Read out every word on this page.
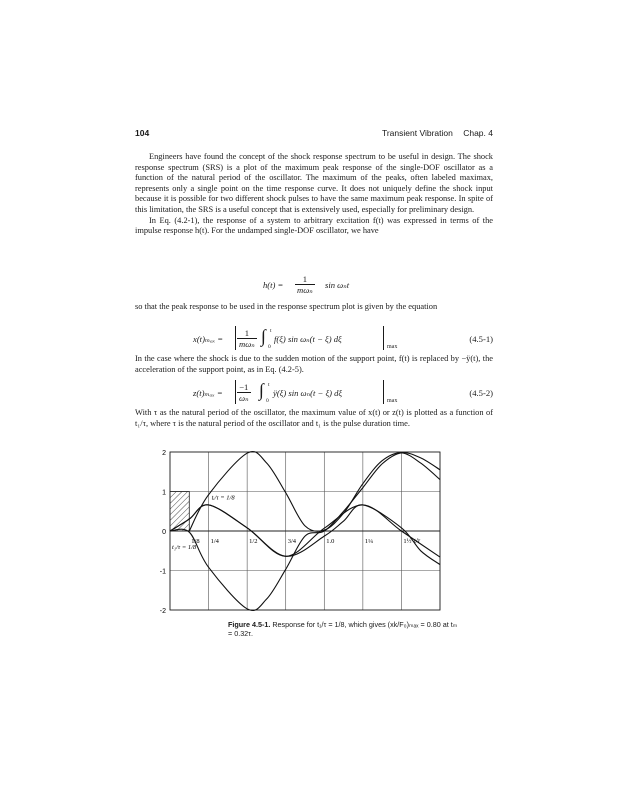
104	Transient Vibration Chap. 4

Engineers have found the concept of the shock response spectrum to be useful in design. The shock response spectrum (SRS) is a plot of the maximum peak response of the single-DOF oscillator as a function of the natural period of the oscillator. The maximum of the peaks, often labeled maximax, represents only a single point on the time response curve. It does not uniquely define the shock input because it is possible for two different shock pulses to have the same maximum peak response. In spite of this limitation, the SRS is a useful concept that is extensively used, especially for preliminary design.

In Eq. (4.2-1), the response of a system to arbitrary excitation f(t) was expressed in terms of the impulse response h(t). For the undamped single-DOF oscillator, we have

h(t) =
1
mωₙ sin ωₙt

so that the peak response to be used in the response spectrum plot is given by the equation

x(t)ₘₐₓ =
1
mωₙ ∫ t
0
f(ξ) sin ωₙ(t − ξ) dξ
max
(4.5-1)

In the case where the shock is due to the sudden motion of the support point, f(t) is replaced by −ÿ(t), the acceleration of the support point, as in Eq. (4.2-5).

$z(t)_{max} = \frac{-1}{\text{ωₙ}}$ ∫ t
0
ÿ(ξ) sin ωₙ(t − ξ) dξ
max
(4.5-2)

With τ as the natural period of the oscillator, the maximum value of x(t) or z(t) is plotted as a function of t₁/τ, where τ is the natural period of the oscillator and t₁ is the pulse duration time.

2
1
0
-1
-2
1/8 1/4	1/2	3/4	1.0	1¼	1½
tᵢ/τ = 1/8
t₁/τ = 1/8
t/τ
Figure 4.5-1. Response for t₁/τ = 1/8, which gives (xk/F₀)ₘₐₓ = 0.80 at tₘ = 0.32τ.
